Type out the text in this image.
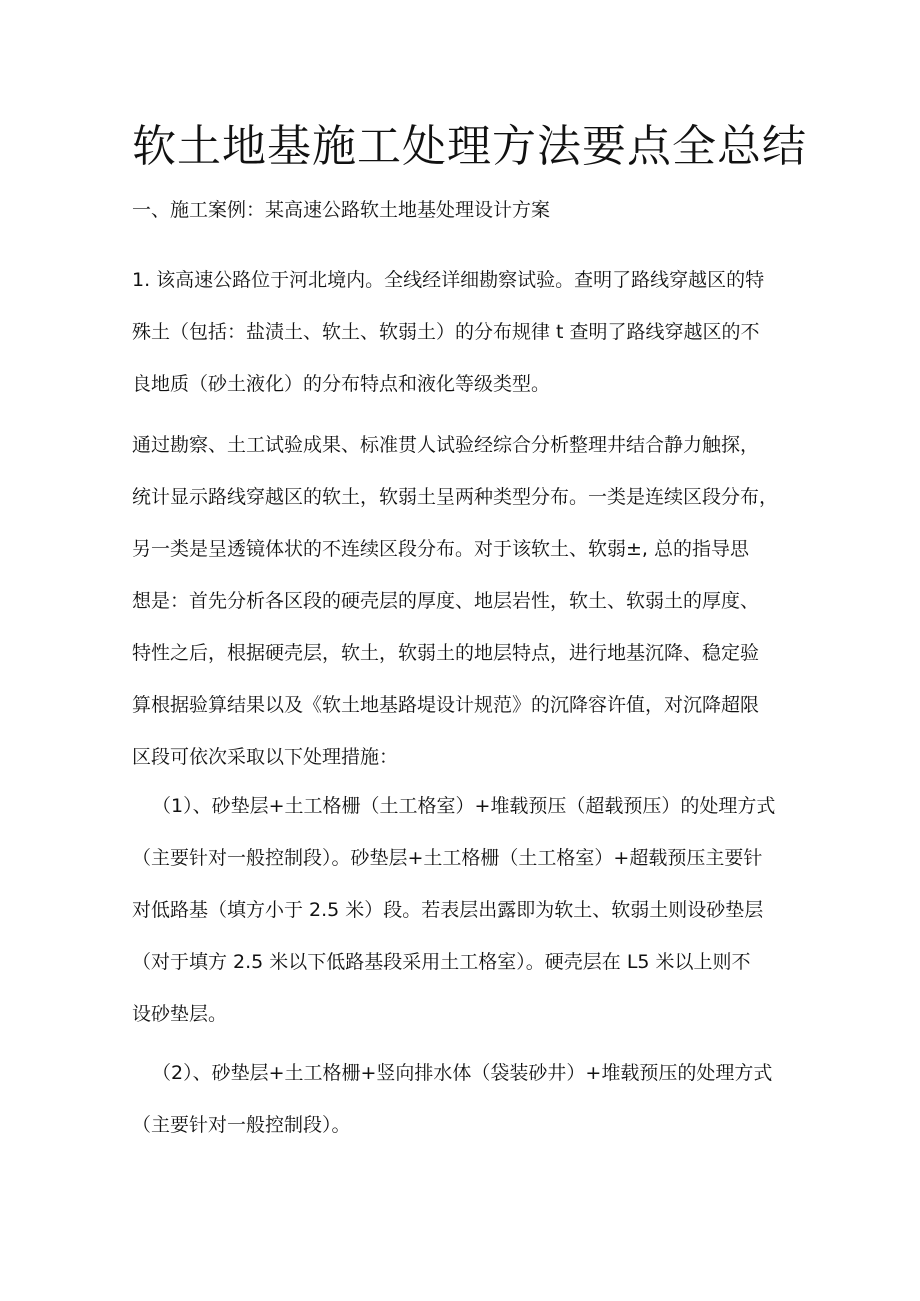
软土地基施工处理方法要点全总结
一、施工案例：某高速公路软土地基处理设计方案
1. 该高速公路位于河北境内。全线经详细勘察试验。查明了路线穿越区的特
殊土（包括：盐渍土、软土、软弱土）的分布规律 t 查明了路线穿越区的不
良地质（砂土液化）的分布特点和液化等级类型。
通过勘察、土工试验成果、标准贯人试验经综合分析整理井结合静力触探，
统计显示路线穿越区的软土，软弱土呈两种类型分布。一类是连续区段分布，
另一类是呈透镜体状的不连续区段分布。对于该软土、软弱±, 总的指导思
想是：首先分析各区段的硬壳层的厚度、地层岩性，软土、软弱土的厚度、
特性之后，根据硬壳层，软土，软弱土的地层特点，进行地基沉降、稳定验
算根据验算结果以及《软土地基路堤设计规范》的沉降容许值，对沉降超限
区段可依次采取以下处理措施：
（1）、砂垫层+土工格栅（土工格室）+堆载预压（超载预压）的处理方式
（主要针对一般控制段）。砂垫层+土工格栅（土工格室）+超载预压主要针
对低路基（填方小于 2.5 米）段。若表层出露即为软土、软弱土则设砂垫层
（对于填方 2.5 米以下低路基段采用土工格室）。硬壳层在 L5 米以上则不
设砂垫层。
（2）、砂垫层+土工格栅+竖向排水体（袋装砂井）+堆载预压的处理方式
（主要针对一般控制段）。
